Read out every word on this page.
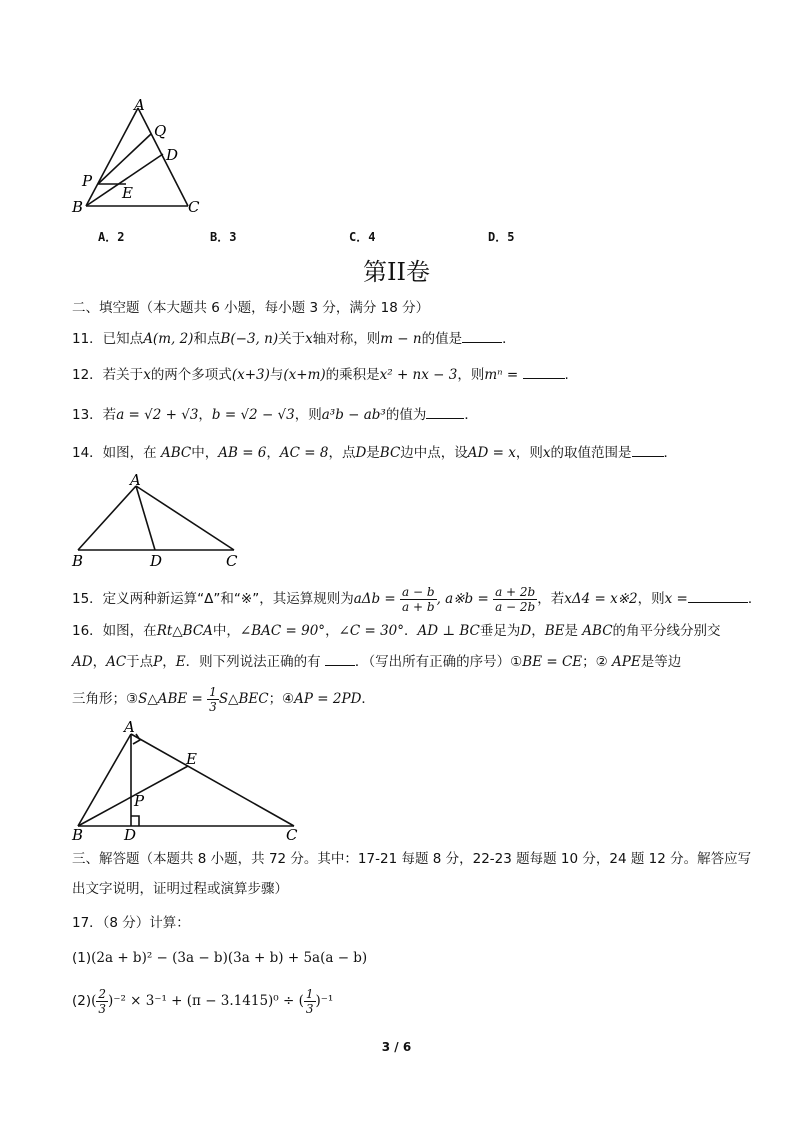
A
Q
D
P
E
B	C
A．2	B．3	C．4	D．5
第II卷
二、填空题（本大题共 6 小题，每小题 3 分，满分 18 分）
11．已知点A(m, 2)和点B(−3, n)关于x轴对称，则m − n的值是	．
12．若关于x的两个多项式(x+3)与(x+m)的乘积是x² + nx − 3，则mⁿ =	.
13．若a = √2 + √3，b = √2 − √3，则a³b − ab³的值为	．
14．如图，在 ABC中，AB = 6，AC = 8，点D是BC边中点，设AD = x，则x的取值范围是 ．
A
B	D	C
15．定义两种新运算“Δ”和“※”，其运算规则为$a\Delta b = \frac{a - b}{a + b}$ , a※b = $\frac{a + 2b}{a - 2b}$ ，若xΔ4 = x※2，则x =	．
16．如图，在Rt△BCA中，∠BAC = 90°，∠C = 30°．AD ⊥ BC垂足为D，BE是 ABC的角平分线分别交
AD，AC于点P，E．则下列说法正确的有	．（写出所有正确的序号）①BE = CE；② APE是等边
三角形；③S△ABE = $\frac{1}{3}$ S△BEC；④AP = 2PD．
A
E
P
B	D	C
三、解答题（本题共 8 小题，共 72 分。其中：17-21 每题 8 分，22-23 题每题 10 分，24 题 12 分。解答应写
出文字说明，证明过程或演算步骤）
17．（8 分）计算：
(1)(2a + b)² − (3a − b)(3a + b) + 5a(a − b)
$(2)( \frac{2}{3} )^{-2} \times 3^{-1} + (\pi - 3.1415)^0$ ÷ ( $\frac{1}{3} )^{-1}$
3 / 6
